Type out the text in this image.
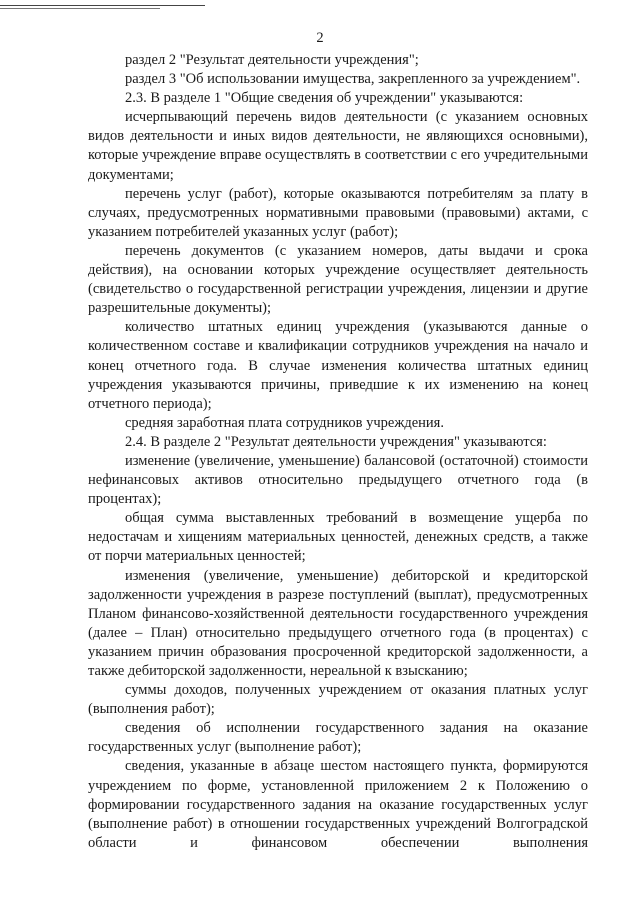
2

раздел 2 "Результат деятельности учреждения";

раздел 3 "Об использовании имущества, закрепленного за учреждением".

2.3. В разделе 1 "Общие сведения об учреждении" указываются:

исчерпывающий перечень видов деятельности (с указанием основных видов деятельности и иных видов деятельности, не являющихся основными), которые учреждение вправе осуществлять в соответствии с его учредительными документами;

перечень услуг (работ), которые оказываются потребителям за плату в случаях, предусмотренных нормативными правовыми (правовыми) актами, с указанием потребителей указанных услуг (работ);

перечень документов (с указанием номеров, даты выдачи и срока действия), на основании которых учреждение осуществляет деятельность (свидетельство о государственной регистрации учреждения, лицензии и другие разрешительные документы);

количество штатных единиц учреждения (указываются данные о количественном составе и квалификации сотрудников учреждения на начало и конец отчетного года. В случае изменения количества штатных единиц учреждения указываются причины, приведшие к их изменению на конец отчетного периода);

средняя заработная плата сотрудников учреждения.

2.4. В разделе 2 "Результат деятельности учреждения" указываются:

изменение (увеличение, уменьшение) балансовой (остаточной) стоимости нефинансовых активов относительно предыдущего отчетного года (в процентах);

общая сумма выставленных требований в возмещение ущерба по недостачам и хищениям материальных ценностей, денежных средств, а также от порчи материальных ценностей;

изменения (увеличение, уменьшение) дебиторской и кредиторской задолженности учреждения в разрезе поступлений (выплат), предусмотренных Планом финансово-хозяйственной деятельности государственного учреждения (далее – План) относительно предыдущего отчетного года (в процентах) с указанием причин образования просроченной кредиторской задолженности, а также дебиторской задолженности, нереальной к взысканию;

суммы доходов, полученных учреждением от оказания платных услуг (выполнения работ);

сведения об исполнении государственного задания на оказание государственных услуг (выполнение работ);

сведения, указанные в абзаце шестом настоящего пункта, формируются учреждением по форме, установленной приложением 2 к Положению о формировании государственного задания на оказание государственных услуг (выполнение работ) в отношении государственных учреждений Волгоградской области и финансовом обеспечении выполнения
